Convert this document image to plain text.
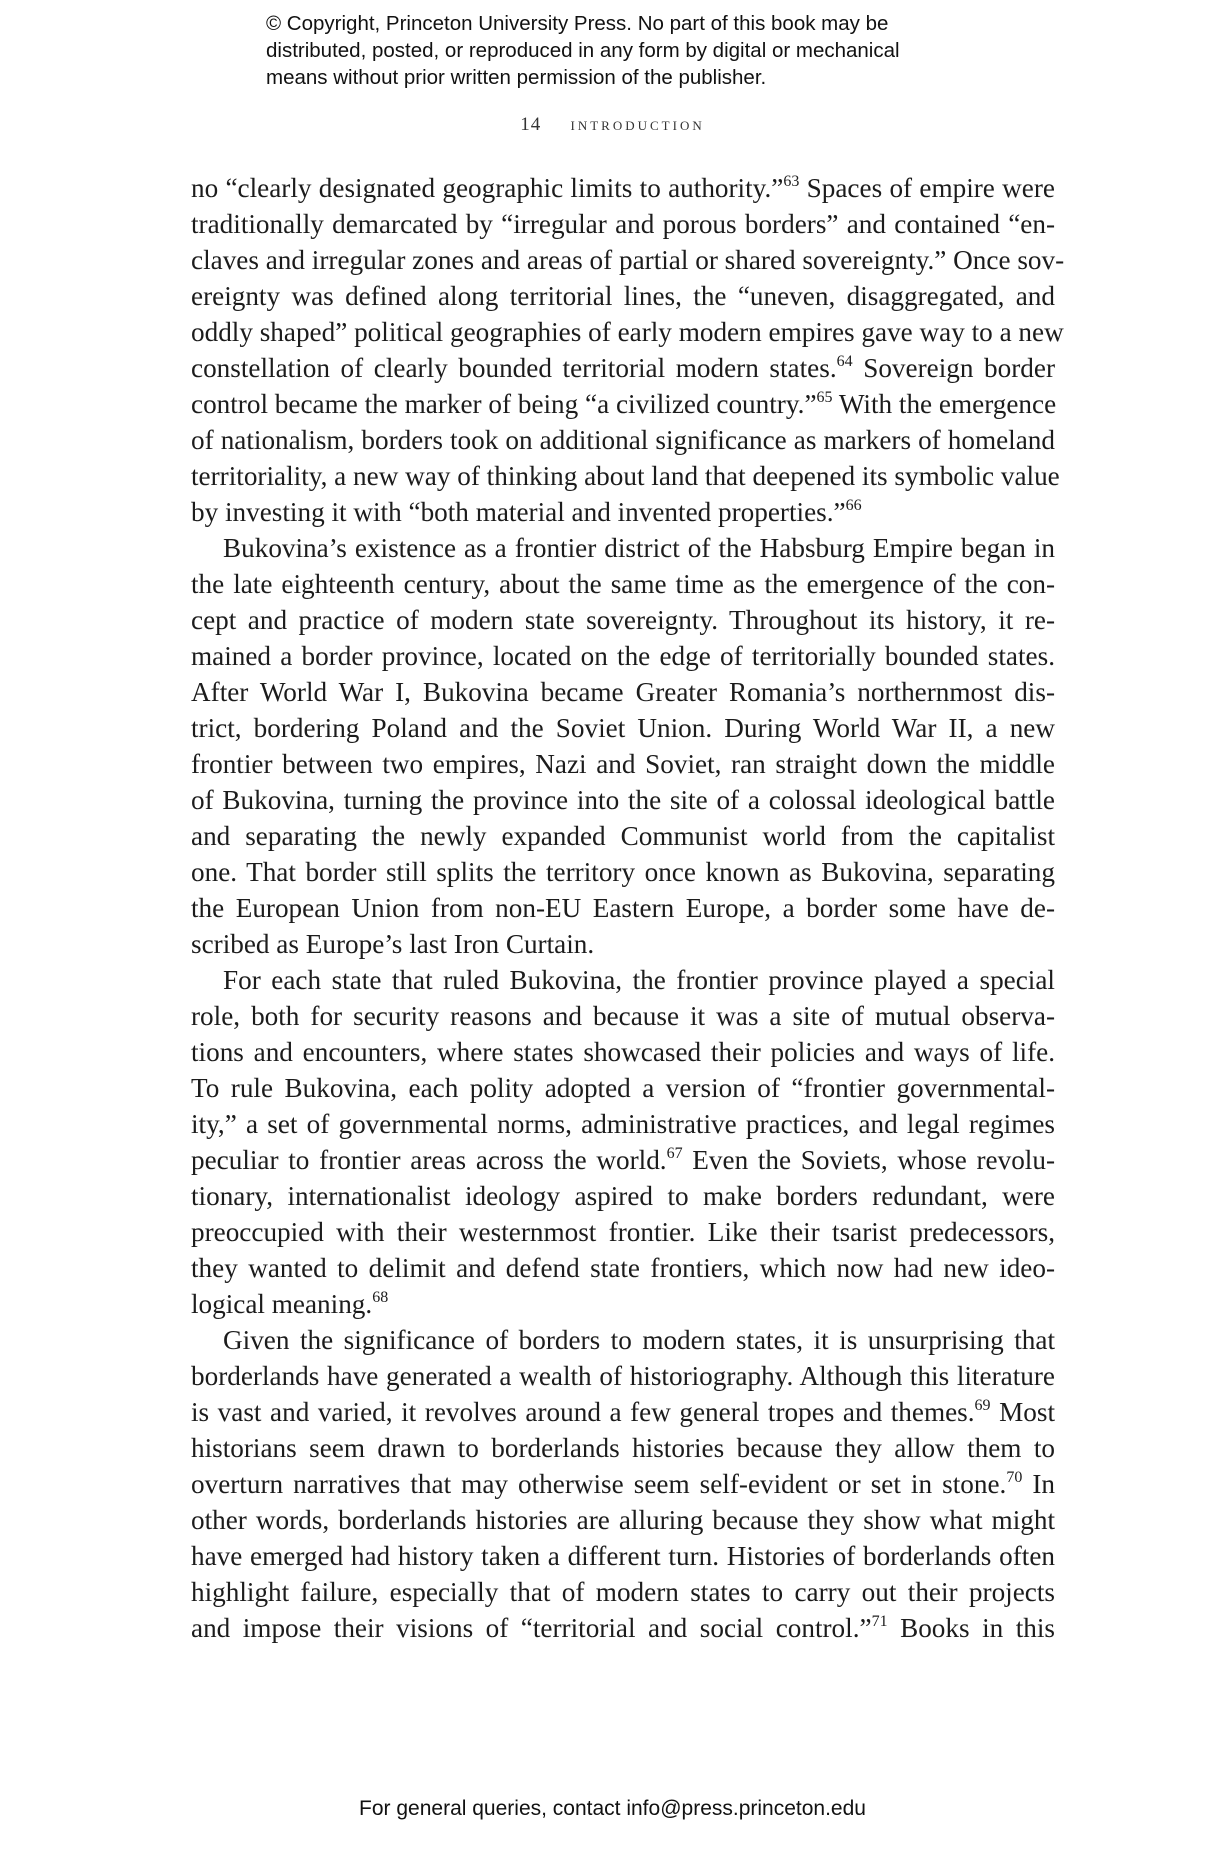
© Copyright, Princeton University Press. No part of this book may be
distributed, posted, or reproduced in any form by digital or mechanical
means without prior written permission of the publisher.
14 introduction
no “clearly designated geographic limits to authority.”$^{63}$ Spaces of empire were
traditionally demarcated by “irregular and porous borders” and contained “en-
claves and irregular zones and areas of partial or shared sovereignty.” Once sov-
ereignty was defined along territorial lines, the “uneven, disaggregated, and
oddly shaped” political geographies of early modern empires gave way to a new
constellation of clearly bounded territorial modern states.$^{64}$ Sovereign border
control became the marker of being “a civilized country.”$^{65}$ With the emergence
of nationalism, borders took on additional significance as markers of homeland
territoriality, a new way of thinking about land that deepened its symbolic value
by investing it with “both material and invented properties.”$^{66}$
Bukovina’s existence as a frontier district of the Habsburg Empire began in
the late eighteenth century, about the same time as the emergence of the con-
cept and practice of modern state sovereignty. Throughout its history, it re-
mained a border province, located on the edge of territorially bounded states.
After World War I, Bukovina became Greater Romania’s northernmost dis-
trict, bordering Poland and the Soviet Union. During World War II, a new
frontier between two empires, Nazi and Soviet, ran straight down the middle
of Bukovina, turning the province into the site of a colossal ideological battle
and separating the newly expanded Communist world from the capitalist
one. That border still splits the territory once known as Bukovina, separating
the European Union from non-EU Eastern Europe, a border some have de-
scribed as Europe’s last Iron Curtain.
For each state that ruled Bukovina, the frontier province played a special
role, both for security reasons and because it was a site of mutual observa-
tions and encounters, where states showcased their policies and ways of life.
To rule Bukovina, each polity adopted a version of “frontier governmental-
ity,” a set of governmental norms, administrative practices, and legal regimes
peculiar to frontier areas across the world.$^{67}$ Even the Soviets, whose revolu-
tionary, internationalist ideology aspired to make borders redundant, were
preoccupied with their westernmost frontier. Like their tsarist predecessors,
they wanted to delimit and defend state frontiers, which now had new ideo-
logical meaning.$^{68}$
Given the significance of borders to modern states, it is unsurprising that
borderlands have generated a wealth of historiography. Although this literature
is vast and varied, it revolves around a few general tropes and themes.$^{69}$ Most
historians seem drawn to borderlands histories because they allow them to
overturn narratives that may otherwise seem self-evident or set in stone.$^{70}$ In
other words, borderlands histories are alluring because they show what might
have emerged had history taken a different turn. Histories of borderlands often
highlight failure, especially that of modern states to carry out their projects
and impose their visions of “territorial and social control.”$^{71}$ Books in this
For general queries, contact info@press.princeton.edu
